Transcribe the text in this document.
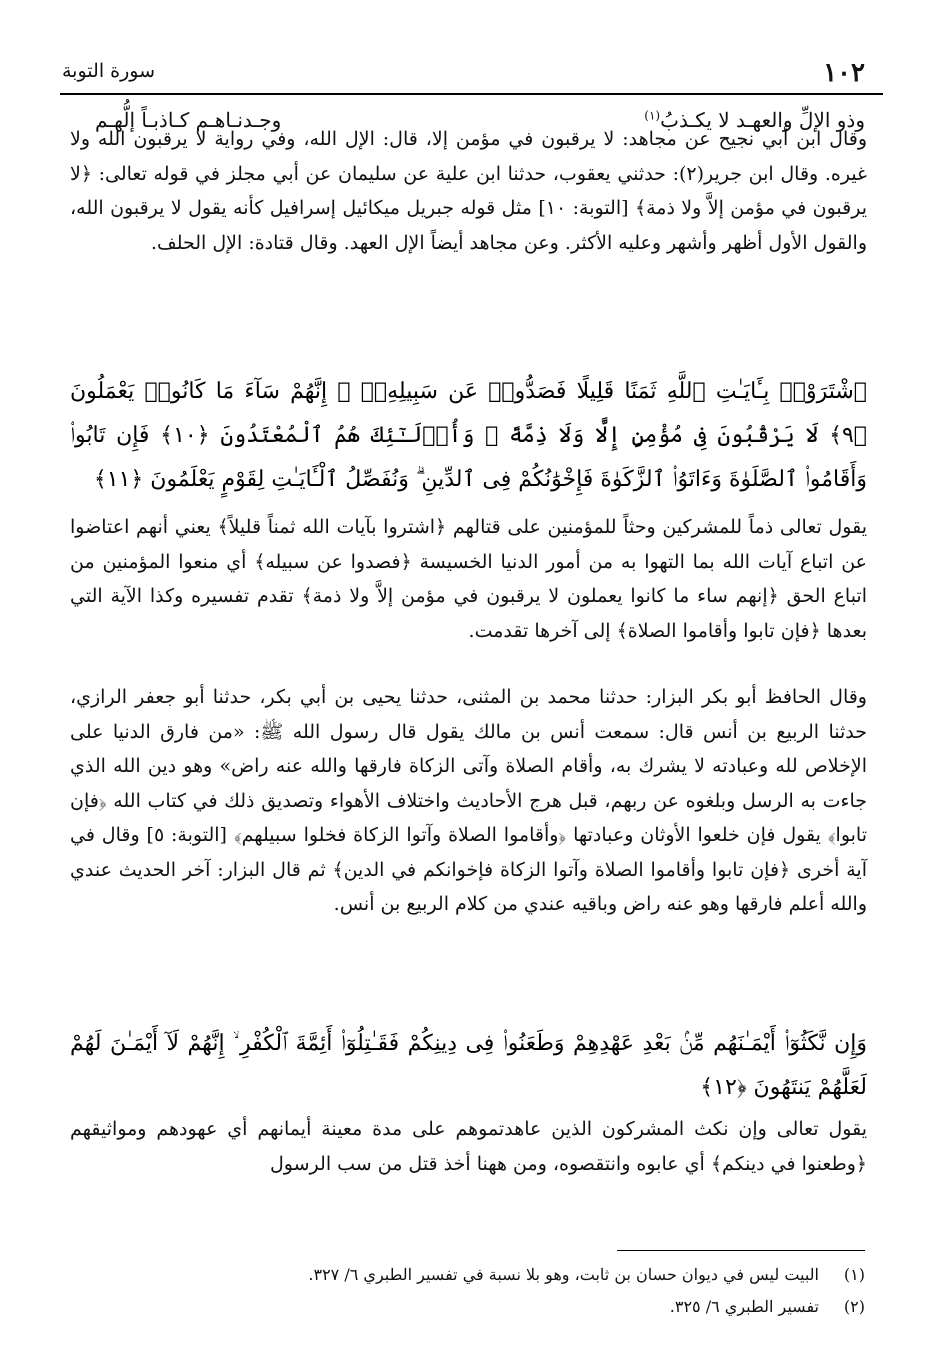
١٠٢
سورة التوبة
وذو الإلِّ والعهـد لا يكـذبُ$^{(١)}$
وجـدنـاهـم كـاذبـاً إلُّهـم

وقال ابن أبي نجيح عن مجاهد: لا يرقبون في مؤمن إلا، قال: الإل الله، وفي رواية لا يرقبون الله ولا غيره. وقال ابن جرير(٢): حدثني يعقوب، حدثنا ابن علية عن سليمان عن أبي مجلز في قوله تعالى: ﴿لا يرقبون في مؤمن إلاَّ ولا ذمة﴾ [التوبة: ١٠] مثل قوله جبريل ميكائيل إسرافيل كأنه يقول لا يرقبون الله، والقول الأول أظهر وأشهر وعليه الأكثر. وعن مجاهد أيضاً الإل العهد. وقال قتادة: الإل الحلف.

ٱشْتَرَوْا۟ بِـَٔايَـٰتِ ٱللَّهِ ثَمَنًا قَلِيلًا فَصَدُّوا۟ عَن سَبِيلِهِۦٓ ۚ إِنَّهُمْ سَآءَ مَا كَانُوا۟ يَعْمَلُونَ ﴿٩﴾ لَا يَرْقُبُونَ فِى مُؤْمِنٍ إِلًّا وَلَا ذِمَّةً ۚ وَأُو۟لَـٰٓئِكَ هُمُ ٱلْمُعْتَدُونَ ﴿١٠﴾ فَإِن تَابُوا۟ وَأَقَامُوا۟ ٱلصَّلَوٰةَ وَءَاتَوُا۟ ٱلزَّكَوٰةَ فَإِخْوَٰنُكُمْ فِى ٱلدِّينِ ۗ وَنُفَصِّلُ ٱلْـَٔايَـٰتِ لِقَوْمٍ يَعْلَمُونَ ﴿١١﴾

يقول تعالى ذماً للمشركين وحثاً للمؤمنين على قتالهم ﴿اشتروا بآيات الله ثمناً قليلاً﴾ يعني أنهم اعتاضوا عن اتباع آيات الله بما التهوا به من أمور الدنيا الخسيسة ﴿فصدوا عن سبيله﴾ أي منعوا المؤمنين من اتباع الحق ﴿إنهم ساء ما كانوا يعملون لا يرقبون في مؤمن إلاَّ ولا ذمة﴾ تقدم تفسيره وكذا الآية التي بعدها ﴿فإن تابوا وأقاموا الصلاة﴾ إلى آخرها تقدمت.

وقال الحافظ أبو بكر البزار: حدثنا محمد بن المثنى، حدثنا يحيى بن أبي بكر، حدثنا أبو جعفر الرازي، حدثنا الربيع بن أنس قال: سمعت أنس بن مالك يقول قال رسول الله ﷺ: «من فارق الدنيا على الإخلاص لله وعبادته لا يشرك به، وأقام الصلاة وآتى الزكاة فارقها والله عنه راض» وهو دين الله الذي جاءت به الرسل وبلغوه عن ربهم، قبل هرج الأحاديث واختلاف الأهواء وتصديق ذلك في كتاب الله ﴿فإن تابوا﴾ يقول فإن خلعوا الأوثان وعبادتها ﴿وأقاموا الصلاة وآتوا الزكاة فخلوا سبيلهم﴾ [التوبة: ٥] وقال في آية أخرى ﴿فإن تابوا وأقاموا الصلاة وآتوا الزكاة فإخوانكم في الدين﴾ ثم قال البزار: آخر الحديث عندي والله أعلم فارقها وهو عنه راض وباقيه عندي من كلام الربيع بن أنس.

وَإِن نَّكَثُوٓا۟ أَيْمَـٰنَهُم مِّنۢ بَعْدِ عَهْدِهِمْ وَطَعَنُوا۟ فِى دِينِكُمْ فَقَـٰتِلُوٓا۟ أَئِمَّةَ ٱلْكُفْرِ ۙ إِنَّهُمْ لَآ أَيْمَـٰنَ لَهُمْ لَعَلَّهُمْ يَنتَهُونَ ﴿١٢﴾

يقول تعالى وإن نكث المشركون الذين عاهدتموهم على مدة معينة أيمانهم أي عهودهم ومواثيقهم ﴿وطعنوا في دينكم﴾ أي عابوه وانتقصوه، ومن ههنا أخذ قتل من سب الرسول

(١)البيت ليس في ديوان حسان بن ثابت، وهو بلا نسبة في تفسير الطبري ٦/ ٣٢٧.
(٢)تفسير الطبري ٦/ ٣٢٥.
